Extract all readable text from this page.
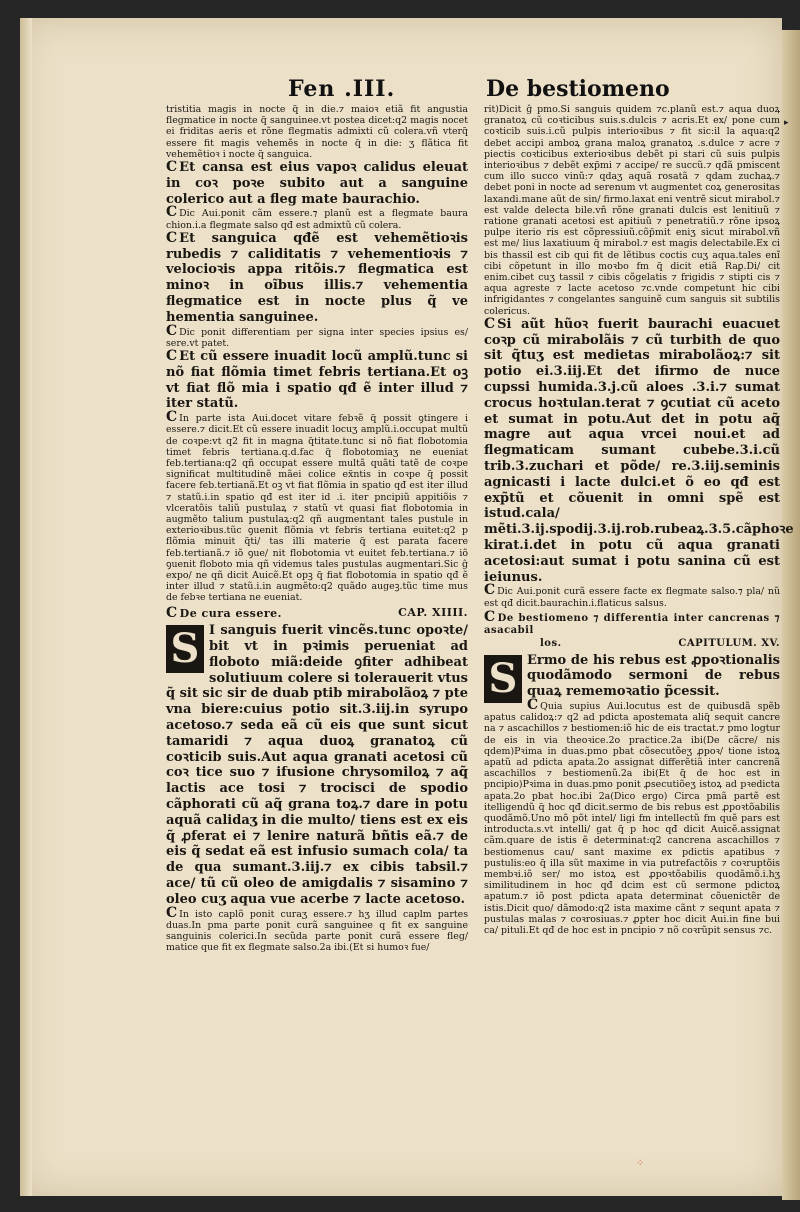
▸
Fen .III.	De bestiomeno

tristitia magis in nocte q̃ in die.⁊ maioꝛ etiã fit angustia flegmatice in nocte q̃ sanguinee.vt postea dicet:q2 magis nocet ei friditas aeris et rõne flegmatis admixti cũ colera.vñ vterq̃ essere fit magis vehemẽs in nocte q̃ in die: ʒ flãtica fit vehemẽtioꝛ i nocte q̃ sanguica.

C Et cansa est eius vapoꝛ calidus eleuat in coꝛ poꝛe subito aut a sanguine colerico aut a fleg mate baurachio.

C Dic Aui.ponit cãm essere.⁊ planũ est a flegmate baura chion.i.a flegmate salso qđ est admixtũ cũ colera.

C Et sanguica qđẽ est vehemẽtioꝛis rubedis ⁊ caliditatis ⁊ vehementioꝛis ⁊ velocioꝛis appa ritõis.⁊ flegmatica est minoꝛ in oĩbus illis.⁊ vehementia flegmatice est in nocte plus q̃ ve hementia sanguinee.

C Dic ponit differentiam per signa inter species ipsius es/ sere.vt patet.

C Et cũ essere inuadit locũ amplũ.tunc si nõ fiat flõmia timet febris tertiana.Et oꝫ vt fiat flõ mia i spatio qđ ẽ inter illud ⁊ iter statũ.

C In parte ista Aui.docet vitare febꝛẽ q̃ possit ꝯtingere i essere.⁊ dicit.Et cũ essere inuadit locuʒ amplũ.i.occupat multũ de coꝛpe:vt q2 fit in magna q̃titate.tunc si nõ fiat flobotomia timet febris tertiana.q.d.fac q̃ flobotomiaʒ ne eueniat feb.tertiana:q2 qñ occupat essere multã quãti tatẽ de coꝛpe significat multitudinẽ mãei colice ex̃ntis in coꝛpe q̃ possit facere feb.tertianã.Et oꝫ vt fiat flõmia in spatio qđ est iter illud ⁊ statũ.i.in spatio qđ est iter id .i. iter pncipiũ appitiõis ⁊ vlceratõis taliũ pustulaꝝ ⁊ statũ vt quasi fiat flobotomia in augmẽto talium pustulaꝝ:q2 qñ augmentant tales pustule in exterioꝛibus.tũc ꝯuenit flõmia vt febris tertiana euitet:q2 p flõmia minuit q̃ti/ tas illi materie q̃ est parata facere feb.tertianã.⁊ iõ ꝯue/ nit flobotomia vt euitet feb.tertiana.⁊ iõ ꝯuenit floboto mia qñ videmus tales pustulas augmentari.Sic ĝ expo/ ne qñ dicit Auicẽ.Et opꝫ q̃ fiat flobotomia in spatio qđ ẽ inter illud ⁊ statũ.i.in augmẽto:q2 quãdo augeꝫ.tũc time mus de febꝛe tertiana ne eueniat.

C De cura essere.	CAP. XIIII.

S I sanguis fuerit vincẽs.tunc opoꝛte/ bit vt in pꝛimis perueniat ad floboto miã:deide ꝯfiter adhibeat solutiuum colere si tolerauerit vtus q̃ sit sic sir de duab ptib mirabolãoꝝ ⁊ pte vna biere:cuius potio sit.3.iij.in syrupo acetoso.⁊ seda eã cũ eis que sunt sicut tamaridi ⁊ aqua duoꝝ granatoꝝ cũ coꝛticib suis.Aut aqua granati acetosi cũ coꝛ tice suo ⁊ ifusione chrysomiloꝝ ⁊ aq̃ lactis ace tosi ⁊ trocisci de spodio cãphorati cũ aq̃ grana toꝝ.⁊ dare in potu aquã calidaʒ in die multo/ tiens est ex eis q̃ ꝓferat ei ⁊ lenire naturã bñtis eã.⁊ de eis q̃ sedat eã est infusio sumach cola/ ta de qua sumant.3.iij.⁊ ex cibis tabsil.⁊ ace/ tũ cũ oleo de amigdalis ⁊ sisamino ⁊ oleo cuʒ aqua vue acerbe ⁊ lacte acetoso.

C In isto caplõ ponit curaʒ essere.⁊ hʒ illud caplm partes duas.In pma parte ponit curã sanguinee q fit ex sanguine sanguinis colerici.In secũda parte ponit curã essere fleg/ matice que fit ex flegmate salso.2a ibi.(Et si humoꝛ fue/

rit)Dicit ĝ pmo.Si sanguis quidem ⁊c.planũ est.⁊ aqua duoꝝ granatoꝝ cũ coꝛticibus suis.s.dulcis ⁊ acris.Et ex/ pone cum coꝛticib suis.i.cũ pulpis interioꝛibus ⁊ fit sic:il la aqua:q2 debet accipi amboꝝ grana maloꝝ granatoꝝ .s.dulce ⁊ acre ⁊ piectis coꝛticibus exterioꝛibus debẽt pi stari cũ suis pulpis interioꝛibus ⁊ debẽt exp̃mi ⁊ accipe/ re succũ.⁊ qđã pmiscent cum illo succo vinũ:⁊ qdaʒ aquã rosatã ⁊ qdam zuchaꝝ.⁊ debet poni in nocte ad serenum vt augmentet coꝝ generositas laxandi.mane aũt de sin/ firmo.laxat eni ventrẽ sicut mirabol.⁊ est valde delecta bile.vñ rõne granati dulcis est lenitiuũ ⁊ ratione granati acetosi est apitiuũ ⁊ penetratiũ.⁊ rõne ipsoꝝ pulpe iterio ris est cõpressiuũ.cõp̃mit eniʒ sicut mirabol.vñ est me/ lius laxatiuum q̃ mirabol.⁊ est magis delectabile.Ex ci bis thassil est cib qui fit de lẽtibus coctis cuʒ aqua.tales enĩ cibi cõpetunt in illo moꝛbo fm q̃ dicit etiã Raꝑ.Di/ cit enim.cibet cuʒ tassil ⁊ cibis cõgelatis ⁊ frigidis ⁊ stipti cis ⁊ aqua agreste ⁊ lacte acetoso ⁊c.vnde competunt hic cibi infrigidantes ⁊ congelantes sanguinẽ cum sanguis sit subtilis colericus.

C Si aũt hũoꝛ fuerit baurachi euacuet coꝛp cũ mirabolãis ⁊ cũ turbith de quo sit q̃tuʒ est medietas mirabolãoꝝ:⁊ sit potio ei.3.iij.Et det ifirmo de nuce cupssi humida.3.j.cũ aloes .3.i.⁊ sumat crocus hoꝛtulan.terat ⁊ ꝯcutiat cũ aceto et sumat in potu.Aut det in potu aq̃ magre aut aqua vrcei noui.et ad flegmaticam sumant cubebe.3.i.cũ trib.3.zuchari et põde/ re.3.iij.seminis agnicasti i lacte dulci.et õ eo qđ est exp̃tũ et cõuenit in omni spẽ est istud.cala/ mẽti.3.ij.spodij.3.ij.rob.rubeaꝝ.3.5.cãphoꝛe kirat.i.det in potu cũ aqua granati acetosi:aut sumat i potu sanina cũ est ieiunus.

C Dic Aui.ponit curã essere facte ex flegmate salso.⁊ pla/ nũ est qđ dicit.baurachin.i.flaticus salsus.

C De bestiomeno ⁊ differentia inter cancrenas ⁊ asacabil
los.	CAPITULUM. XV.

S Ermo de his rebus est ꝓpoꝛtionalis quodãmodo sermoni de rebus quaꝝ rememoꝛatio p̃cessit.

C Quia supius Aui.locutus est de quibusdã spẽb apatus calidoꝝ:⁊ q2 ad pdicta apostemata aliq̃ sequit cancre na ⁊ ascachillos ⁊ bestiomen:iõ hic de eis tractat.⁊ pmo logtur de eis in via theoꝛice.2o practice.2a ibi(De cãcre/ nis qdem)Pꝛima in duas.pmo pbat cõsecutõeʒ ꝓpoꝛ/ tione istoꝝ apatũ ad pdicta apata.2o assignat differẽtiã inter cancrenã ascachillos ⁊ bestiomenũ.2a ibi(Et q̃ de hoc est in pncipio)Pꝛima in duas.pmo ponit ꝓsecutiõeʒ istoꝝ ad pꝛedicta apata.2o pbat hoc.ibi 2a(Dico ergo) Circa pmã partẽ est itelligendũ q̃ hoc qđ dicit.sermo de bis rebus est ꝓpoꝛtõabilis quodãmõ.Uno mõ põt intel/ ligi fm intellectũ fm quẽ pars est introducta.s.vt intelli/ gat q̃ p hoc qđ dicit Auicẽ.assignat cãm.quare de istis ẽ determinat:q2 cancrena ascachillos ⁊ bestiomenus cau/ sant maxime ex pdictis apatibus ⁊ pustulis:eo q̃ illa sũt maxime in via putrefactõis ⁊ coꝛruptõis membꝛi.iõ ser/ mo istoꝝ est ꝓpoꝛtõabilis quodãmõ.i.hʒ similitudinem in hoc qđ dcim est cũ sermone pdictoꝝ apatum.⁊ iõ post pdicta apata determinat cõuenictẽr de istis.Dicit quo/ dãmodo:q2 ista maxime cãnt ⁊ sequnt apata ⁊ pustulas malas ⁊ coꝛrosiuas.⁊ ꝓpter hoc dicit Aui.in fine bui ca/ pituli.Et qđ de hoc est in pncipio ⁊ nõ coꝛrũpit sensus ⁊c.

⁘
